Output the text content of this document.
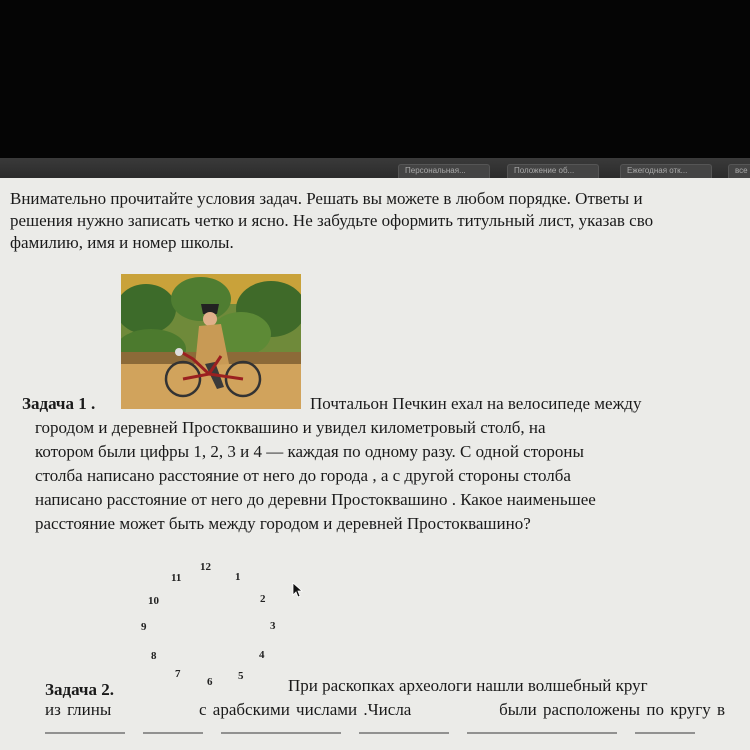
Персональная...	Положение об...	Ежегодная отк...	все
Внимательно прочитайте условия задач. Решать вы можете в любом порядке. Ответы и
решения нужно записать четко и ясно. Не забудьте оформить титульный лист, указав сво
фамилию, имя и номер школы.
Задача 1 .	Почтальон Печкин ехал на велосипеде между
городом и деревней Простоквашино и увидел километровый столб, на
котором были цифры 1, 2, 3 и 4 — каждая по одному разу. С одной стороны
столба написано расстояние от него до города , а с другой стороны столба
написано расстояние от него до деревни Простоквашино . Какое наименьшее
расстояние может быть между городом и деревней Простоквашино?
12
1
2
3
4
5
6
7
8
9
10
11
Задача 2.	При раскопках археологи нашли волшебный круг
из глины	с арабскими числами .Числа	были расположены по кругу в
